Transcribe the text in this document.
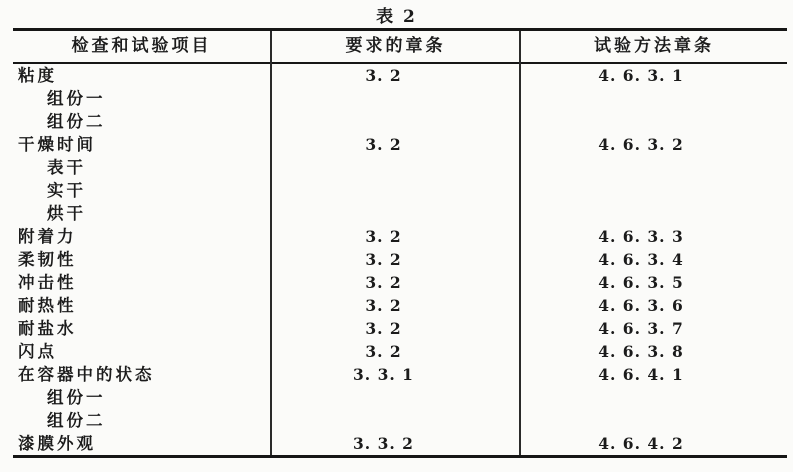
表 2
检查和试验项目	要求的章条	试验方法章条
粘度	3. 2	4. 6. 3. 1
组份一
组份二
干燥时间	3. 2	4. 6. 3. 2
表干
实干
烘干
附着力	3. 2	4. 6. 3. 3
柔韧性	3. 2	4. 6. 3. 4
冲击性	3. 2	4. 6. 3. 5
耐热性	3. 2	4. 6. 3. 6
耐盐水	3. 2	4. 6. 3. 7
闪点	3. 2	4. 6. 3. 8
在容器中的状态	3. 3. 1	4. 6. 4. 1
组份一
组份二
漆膜外观	3. 3. 2	4. 6. 4. 2
